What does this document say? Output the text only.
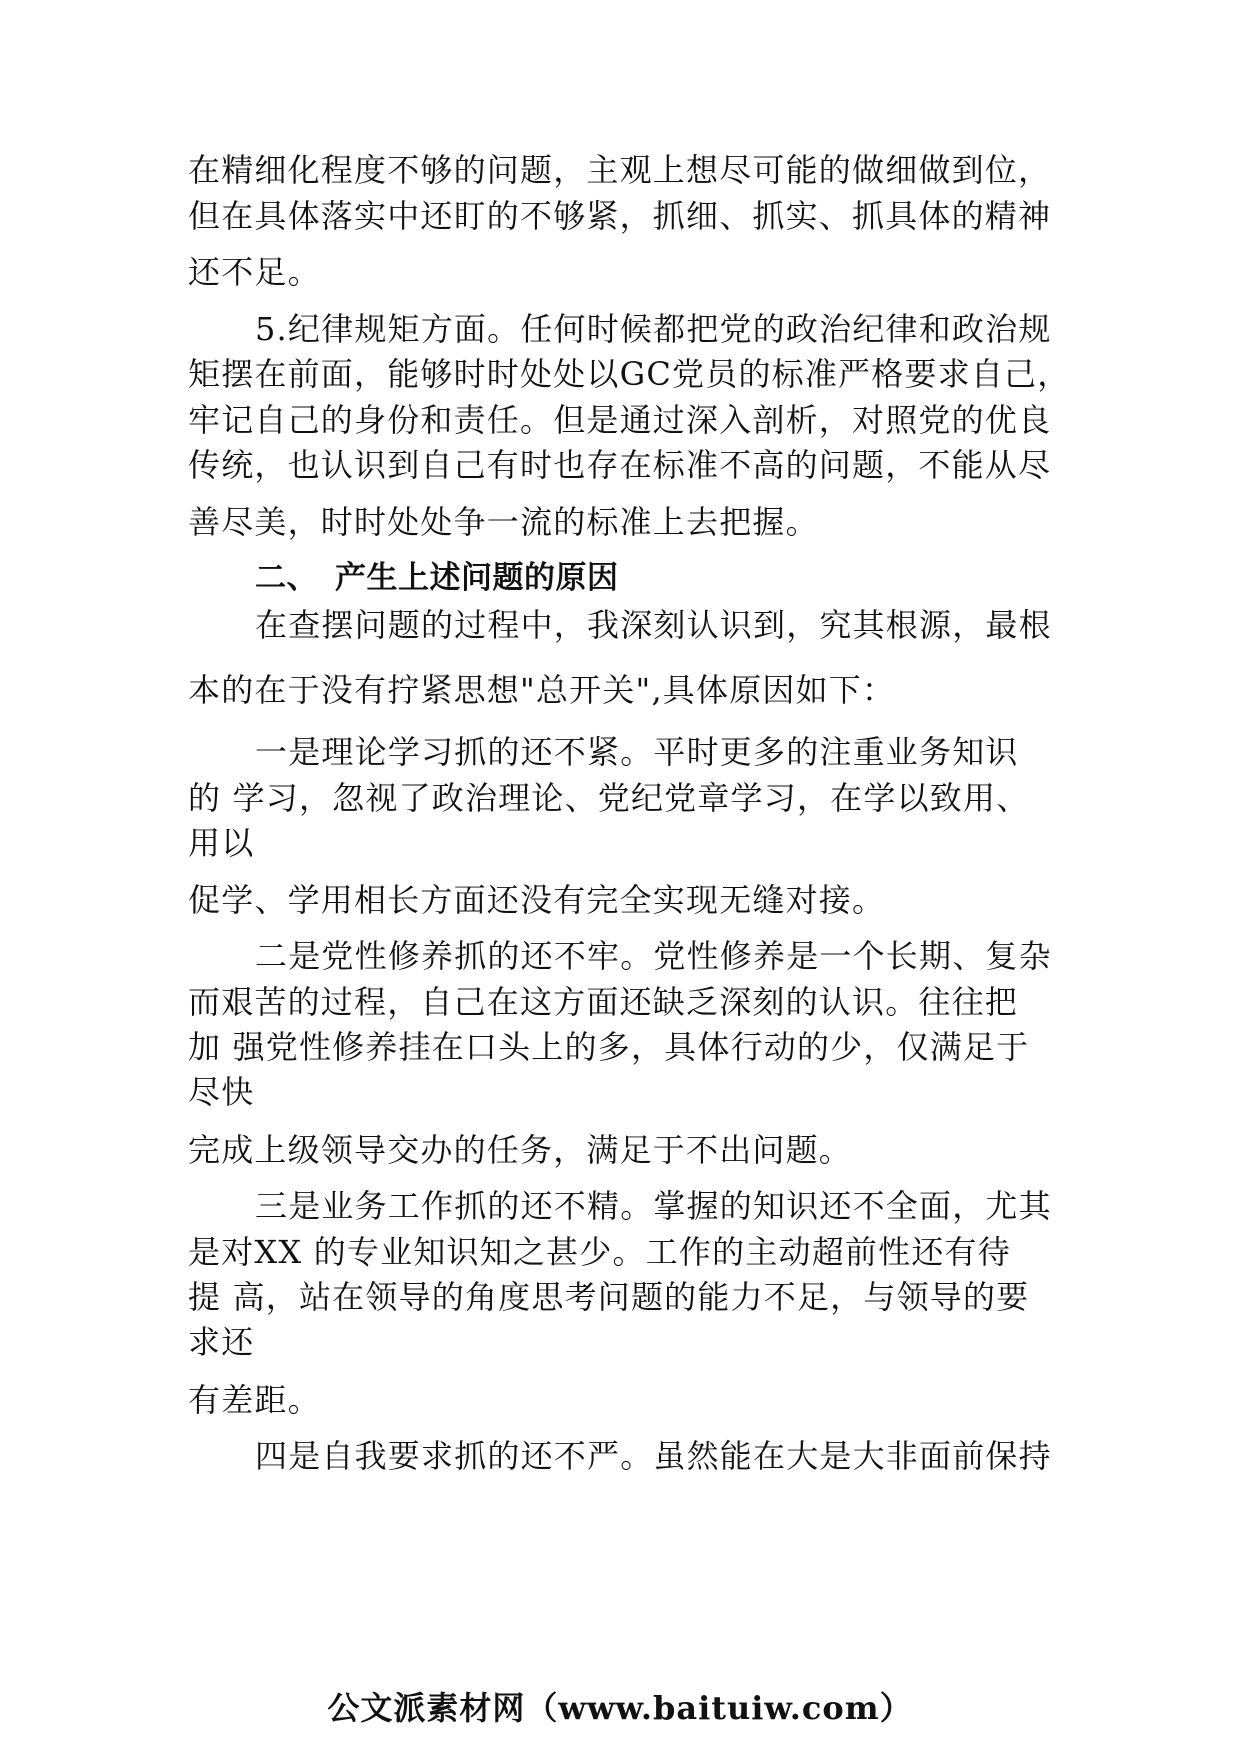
在精细化程度不够的问题，主观上想尽可能的做细做到位，

但在具体落实中还盯的不够紧，抓细、抓实、抓具体的精神

还不足。

5.纪律规矩方面。任何时候都把党的政治纪律和政治规

矩摆在前面，能够时时处处以GC党员的标准严格要求自己，

牢记自己的身份和责任。但是通过深入剖析，对照党的优良

传统，也认识到自己有时也存在标准不高的问题，不能从尽

善尽美，时时处处争一流的标准上去把握。

二、 产生上述问题的原因

在查摆问题的过程中，我深刻认识到，究其根源，最根

本的在于没有拧紧思想"总开关",具体原因如下：

一是理论学习抓的还不紧。平时更多的注重业务知识

的 学习，忽视了政治理论、党纪党章学习，在学以致用、

用以

促学、学用相长方面还没有完全实现无缝对接。

二是党性修养抓的还不牢。党性修养是一个长期、复杂

而艰苦的过程，自己在这方面还缺乏深刻的认识。往往把

加 强党性修养挂在口头上的多，具体行动的少，仅满足于

尽快

完成上级领导交办的任务，满足于不出问题。

三是业务工作抓的还不精。掌握的知识还不全面，尤其

是对XX 的专业知识知之甚少。工作的主动超前性还有待

提 高，站在领导的角度思考问题的能力不足，与领导的要

求还

有差距。

四是自我要求抓的还不严。虽然能在大是大非面前保持

公文派素材网（www.baituiw.com）
